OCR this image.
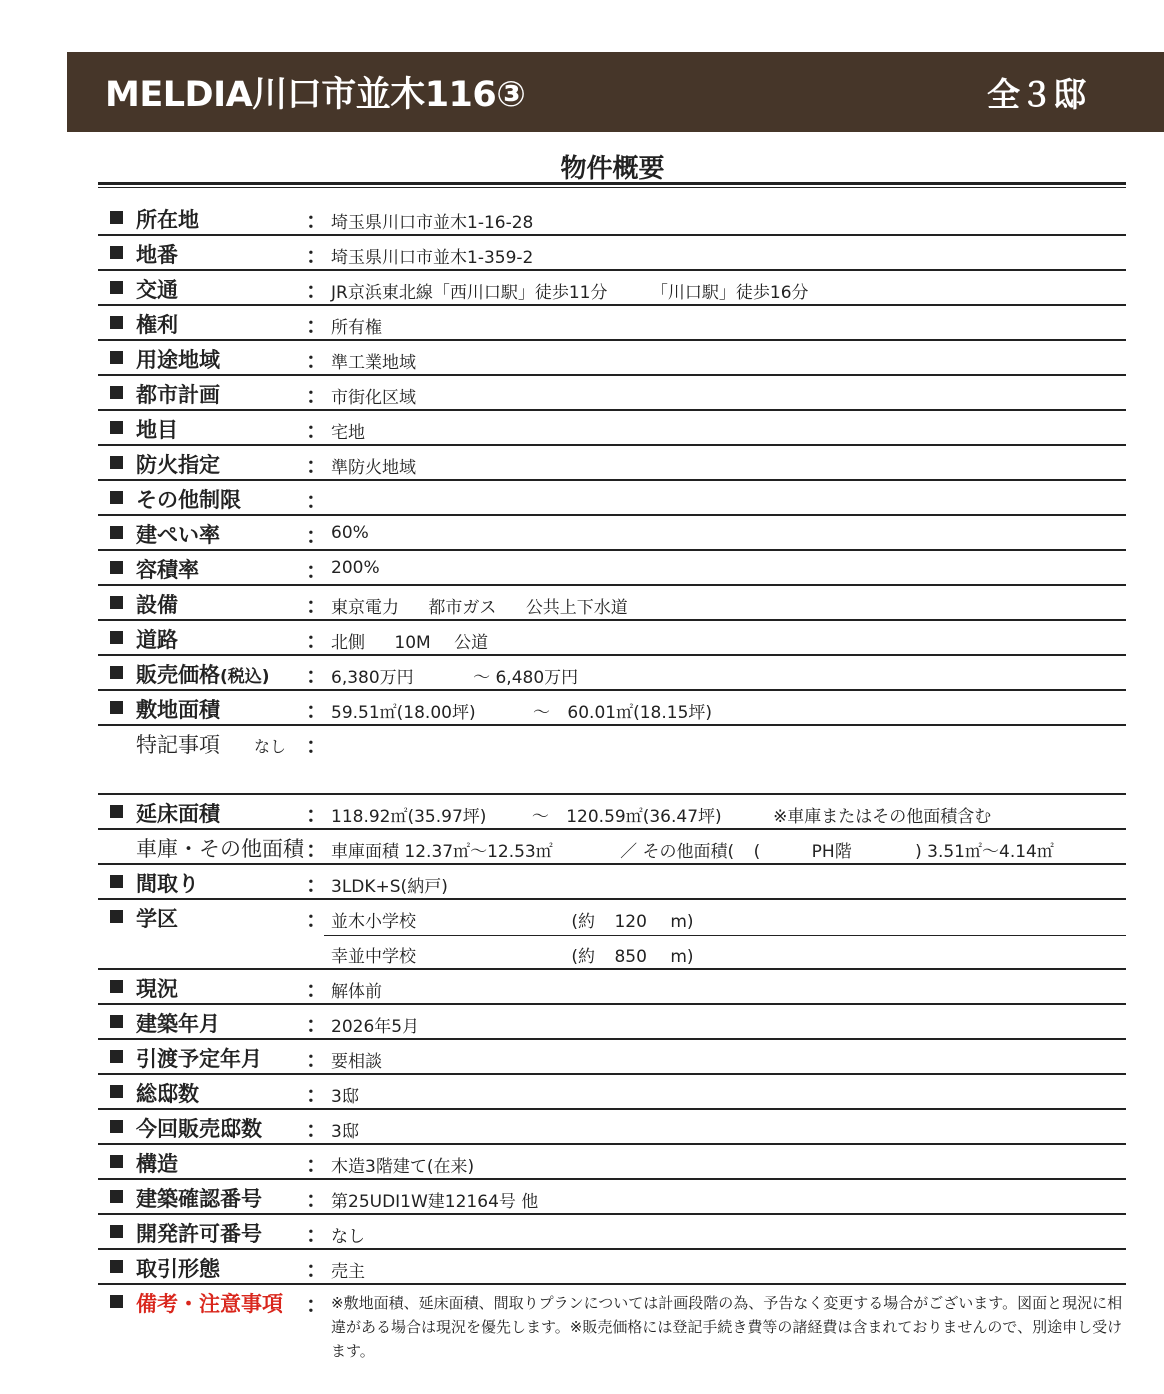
MELDIA川口市並木116③	全３邸
物件概要
所在地	： 埼玉県川口市並木1-16-28
地番	： 埼玉県川口市並木1-359-2
交通	： JR京浜東北線「西川口駅」徒歩11分	「川口駅」徒歩16分
権利	： 所有権
用途地域	： 準工業地域
都市計画	： 市街化区域
地目	： 宅地
防火指定	： 準防火地域
その他制限	：
建ぺい率	： 60%
容積率	： 200%
設備	： 東京電力 都市ガス 公共上下水道
道路	： 北側 10M 公道
販売価格(税込) ： 6,380万円	～ 6,480万円
敷地面積	： 59.51㎡(18.00坪)	～ 60.01㎡(18.15坪)
特記事項 なし ：
延床面積	： 118.92㎡(35.97坪)	～ 120.59㎡(36.47坪)	※車庫またはその他面積含む
車庫・その他面積 ： 車庫面積 12.37㎡～12.53㎡	／ その他面積( (	PH階	) 3.51㎡～4.14㎡
間取り	： 3LDK+S(納戸)
学区	： 並木小学校	(約 120 m)
幸並中学校	(約 850 m)
現況	： 解体前
建築年月	： 2026年5月
引渡予定年月 ： 要相談
総邸数	： 3邸
今回販売邸数 ： 3邸
構造	： 木造3階建て(在来)
建築確認番号 ： 第25UDI1W建12164号 他
開発許可番号 ： なし
取引形態	： 売主
備考・注意事項 ： ※敷地面積、延床面積、間取りプランについては計画段階の為、予告なく変更する場合がございます。図面と現況に相違がある場合は現況を優先します。※販売価格には登記手続き費等の諸経費は含まれておりませんので、別途申し受けます。
